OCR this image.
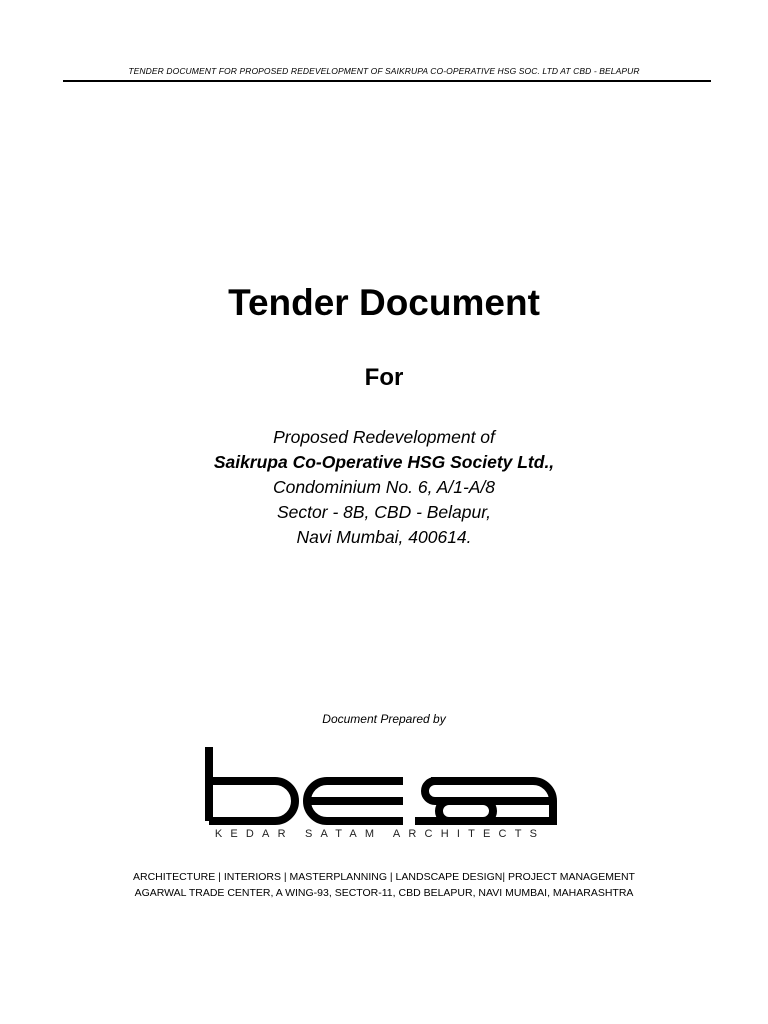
TENDER DOCUMENT FOR PROPOSED REDEVELOPMENT OF SAIKRUPA CO-OPERATIVE HSG SOC. LTD AT CBD - BELAPUR
Tender Document
For
Proposed Redevelopment of
Saikrupa Co-Operative HSG Society Ltd.,
Condominium No. 6, A/1-A/8
Sector - 8B, CBD - Belapur,
Navi Mumbai, 400614.
Document Prepared by
KEDAR SATAM ARCHITECTS
ARCHITECTURE | INTERIORS | MASTERPLANNING | LANDSCAPE DESIGN| PROJECT MANAGEMENT
AGARWAL TRADE CENTER, A WING-93, SECTOR-11, CBD BELAPUR, NAVI MUMBAI, MAHARASHTRA
